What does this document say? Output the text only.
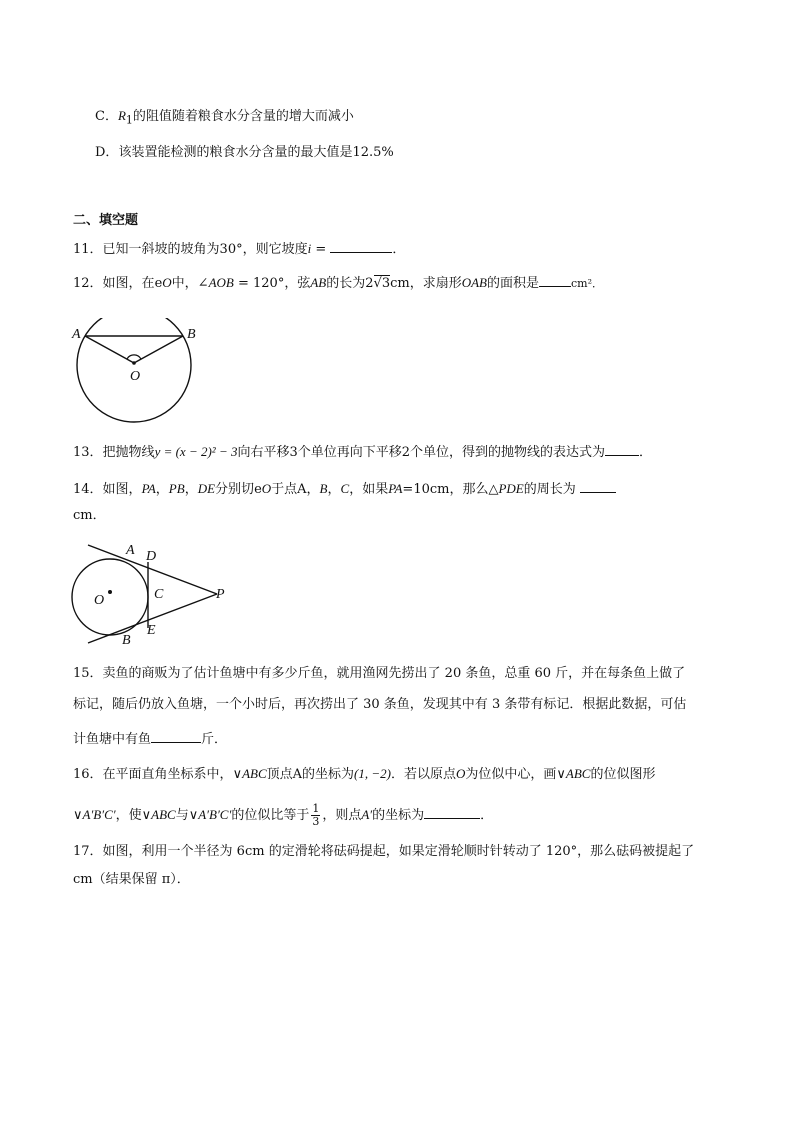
C．$R_1$的阻值随着粮食水分含量的增大而减小
D．该装置能检测的粮食水分含量的最大值是12.5%
二、填空题
11．已知一斜坡的坡角为30°，则它坡度i =	．
12．如图，在eO中，∠AOB = 120°，弦AB的长为2√3cm，求扇形OAB的面积是	cm²．
A	B
O
13．把抛物线y = (x − 2)² − 3向右平移3个单位再向下平移2个单位，得到的抛物线的表达式为	．
14．如图，PA，PB，DE分别切eO于点A，B，C，如果PA=10cm，那么△PDE的周长为
cm．
A D
C
E
B
O	P
15．卖鱼的商贩为了估计鱼塘中有多少斤鱼，就用渔网先捞出了 20 条鱼，总重 60 斤，并在每条鱼上做了
标记，随后仍放入鱼塘，一个小时后，再次捞出了 30 条鱼，发现其中有 3 条带有标记．根据此数据，可估
计鱼塘中有鱼	斤．
16．在平面直角坐标系中，∨ABC顶点A的坐标为(1, −2)．若以原点O为位似中心，画∨ABC的位似图形
∨A′B′C′，使∨ABC与∨A′B′C′的位似比等于 $\frac{1}{3}$ ，则点A′的坐标为	．
17．如图，利用一个半径为 6cm 的定滑轮将砝码提起，如果定滑轮顺时针转动了 120°，那么砝码被提起了
cm（结果保留 π）．
